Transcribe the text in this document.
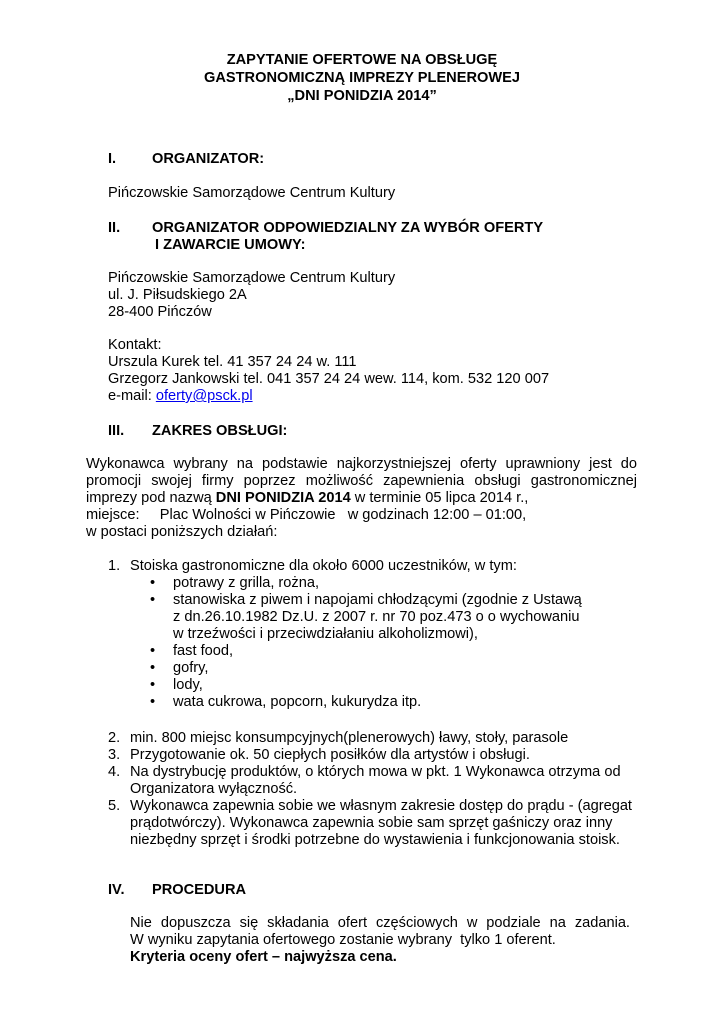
ZAPYTANIE OFERTOWE NA OBSŁUGĘ
GASTRONOMICZNĄ IMPREZY PLENEROWEJ
„DNI PONIDZIA 2014”
I. ORGANIZATOR:
Pińczowskie Samorządowe Centrum Kultury
II. ORGANIZATOR ODPOWIEDZIALNY ZA WYBÓR OFERTY
I ZAWARCIE UMOWY:
Pińczowskie Samorządowe Centrum Kultury
ul. J. Piłsudskiego 2A
28-400 Pińczów
Kontakt:
Urszula Kurek tel. 41 357 24 24 w. 111
Grzegorz Jankowski tel. 041 357 24 24 wew. 114, kom. 532 120 007
e-mail: oferty@psck.pl
III. ZAKRES OBSŁUGI:
Wykonawca wybrany na podstawie najkorzystniejszej oferty uprawniony jest do
promocji swojej firmy poprzez możliwość zapewnienia obsługi gastronomicznej
imprezy pod nazwą DNI PONIDZIA 2014 w terminie 05 lipca 2014 r.,
miejsce:     Plac Wolności w Pińczowie   w godzinach 12:00 – 01:00,
w postaci poniższych działań:
1. Stoiska gastronomiczne dla około 6000 uczestników, w tym:
• potrawy z grilla, rożna,
• stanowiska z piwem i napojami chłodzącymi (zgodnie z Ustawą
z dn.26.10.1982 Dz.U. z 2007 r. nr 70 poz.473 o o wychowaniu
w trzeźwości i przeciwdziałaniu alkoholizmowi),
• fast food,
• gofry,
• lody,
• wata cukrowa, popcorn, kukurydza itp.
2. min. 800 miejsc konsumpcyjnych(plenerowych) ławy, stoły, parasole
3. Przygotowanie ok. 50 ciepłych posiłków dla artystów i obsługi.
4. Na dystrybucję produktów, o których mowa w pkt. 1 Wykonawca otrzyma od
Organizatora wyłączność.
5. Wykonawca zapewnia sobie we własnym zakresie dostęp do prądu - (agregat
prądotwórczy). Wykonawca zapewnia sobie sam sprzęt gaśniczy oraz inny
niezbędny sprzęt i środki potrzebne do wystawienia i funkcjonowania stoisk.
IV. PROCEDURA
Nie dopuszcza się składania ofert częściowych w podziale na zadania.
W wyniku zapytania ofertowego zostanie wybrany  tylko 1 oferent.
Kryteria oceny ofert – najwyższa cena.
